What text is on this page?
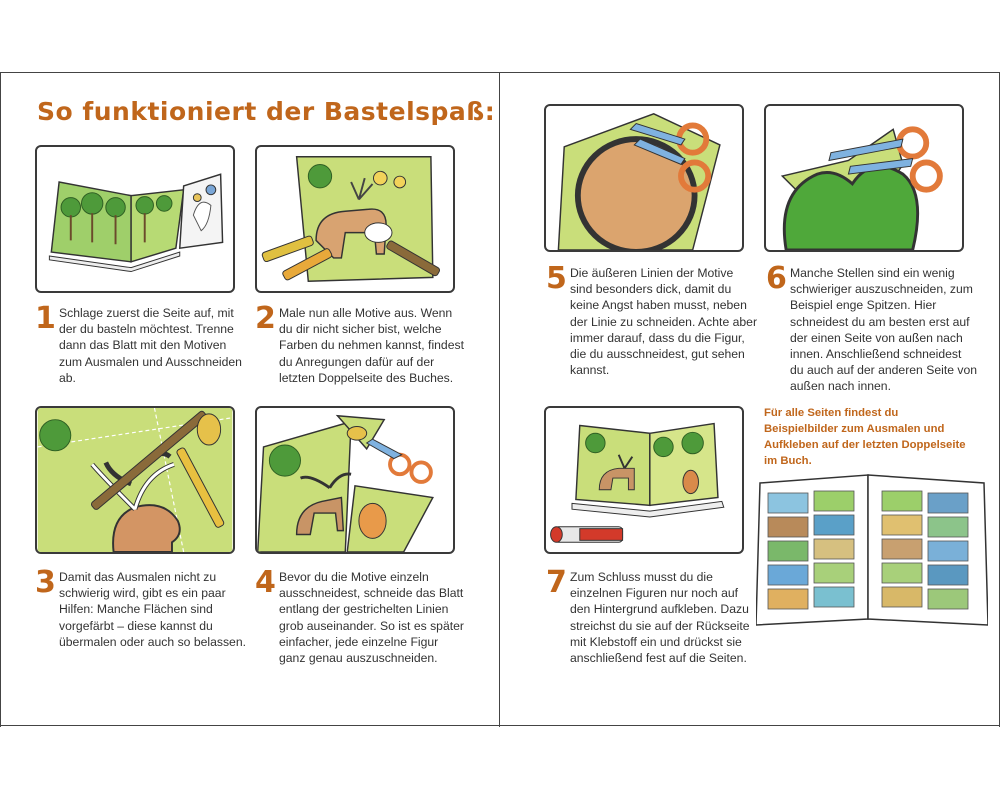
So funktioniert der Bastelspaß:
1 Schlage zuerst die Seite auf, mit der du basteln möchtest. Trenne dann das Blatt mit den Motiven zum Ausmalen und Ausschneiden ab.
2 Male nun alle Motive aus. Wenn du dir nicht sicher bist, welche Farben du nehmen kannst, findest du Anregungen dafür auf der letzten Doppelseite des Buches.
3 Damit das Ausmalen nicht zu schwierig wird, gibt es ein paar Hilfen: Manche Flächen sind vorgefärbt – diese kannst du übermalen oder auch so belassen.
4 Bevor du die Motive einzeln ausschneidest, schneide das Blatt entlang der gestrichelten Linien grob auseinander. So ist es später einfacher, jede einzelne Figur ganz genau auszuschneiden.
5 Die äußeren Linien der Motive sind besonders dick, damit du keine Angst haben musst, neben der Linie zu schneiden. Achte aber immer darauf, dass du die Figur, die du ausschneidest, gut sehen kannst.
6 Manche Stellen sind ein wenig schwieriger auszuschneiden, zum Beispiel enge Spitzen. Hier schneidest du am besten erst auf der einen Seite von außen nach innen. Anschließend schneidest du auch auf der anderen Seite von außen nach innen.
7 Zum Schluss musst du die einzelnen Figuren nur noch auf den Hintergrund aufkleben. Dazu streichst du sie auf der Rückseite mit Klebstoff ein und drückst sie anschließend fest auf die Seiten.
Für alle Seiten findest du Beispielbilder zum Ausmalen und Aufkleben auf der letzten Doppelseite im Buch.
